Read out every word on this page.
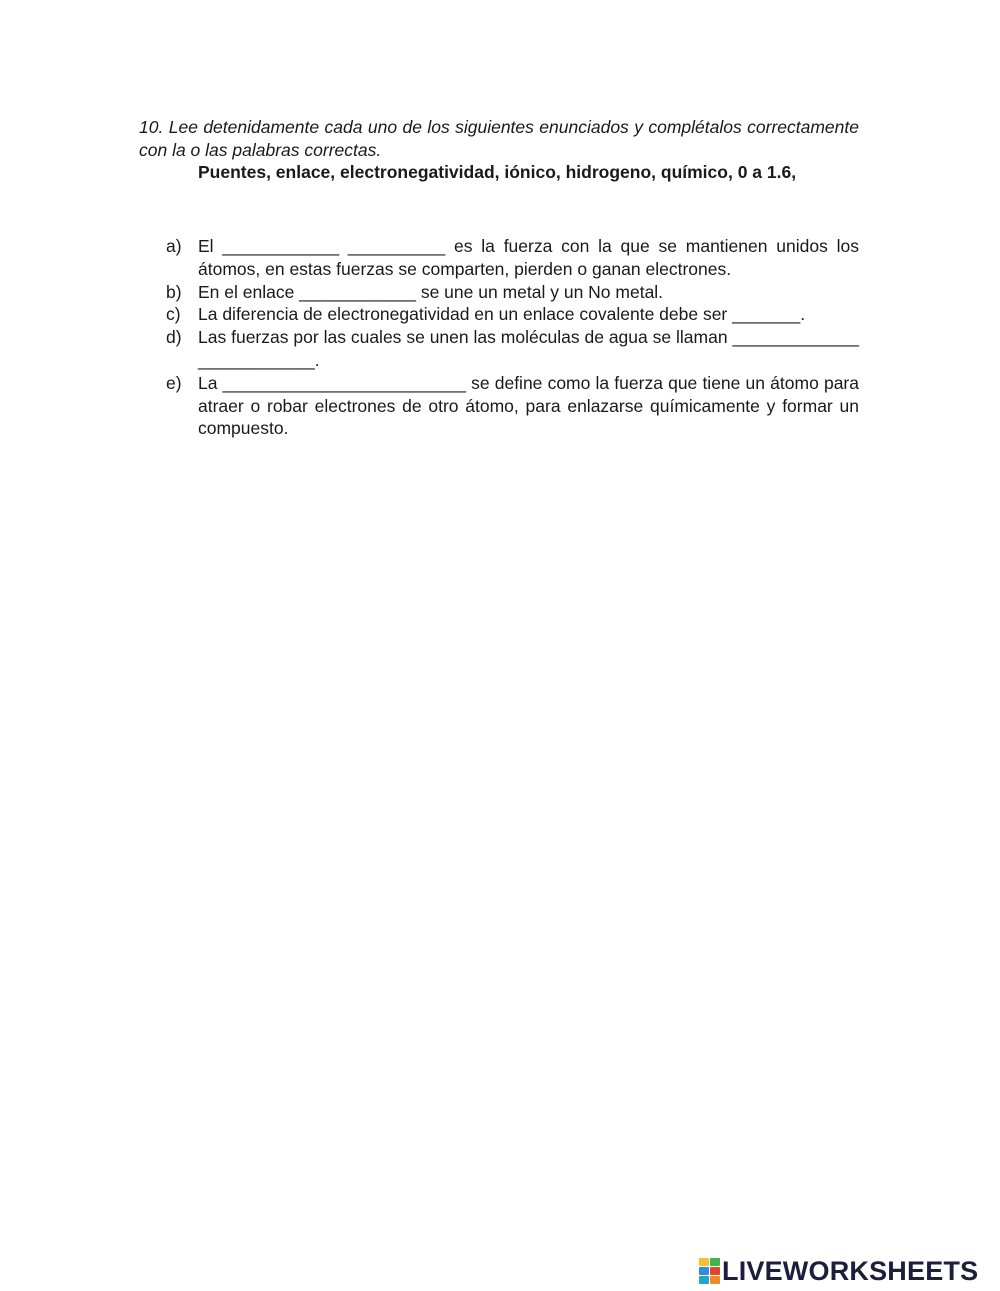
10. Lee detenidamente cada uno de los siguientes enunciados y complétalos correctamente con la o las palabras correctas.
Puentes, enlace, electronegatividad, iónico, hidrogeno, químico, 0 a 1.6,
a) El ____________ __________ es la fuerza con la que se mantienen unidos los átomos, en estas fuerzas se comparten, pierden o ganan electrones.
b) En el enlace ____________ se une un metal y un No metal.
c) La diferencia de electronegatividad en un enlace covalente debe ser _______.
d) Las fuerzas por las cuales se unen las moléculas de agua se llaman _____________ ____________.
e) La _________________________ se define como la fuerza que tiene un átomo para atraer o robar electrones de otro átomo, para enlazarse químicamente y formar un compuesto.
LIVEWORKSHEETS
